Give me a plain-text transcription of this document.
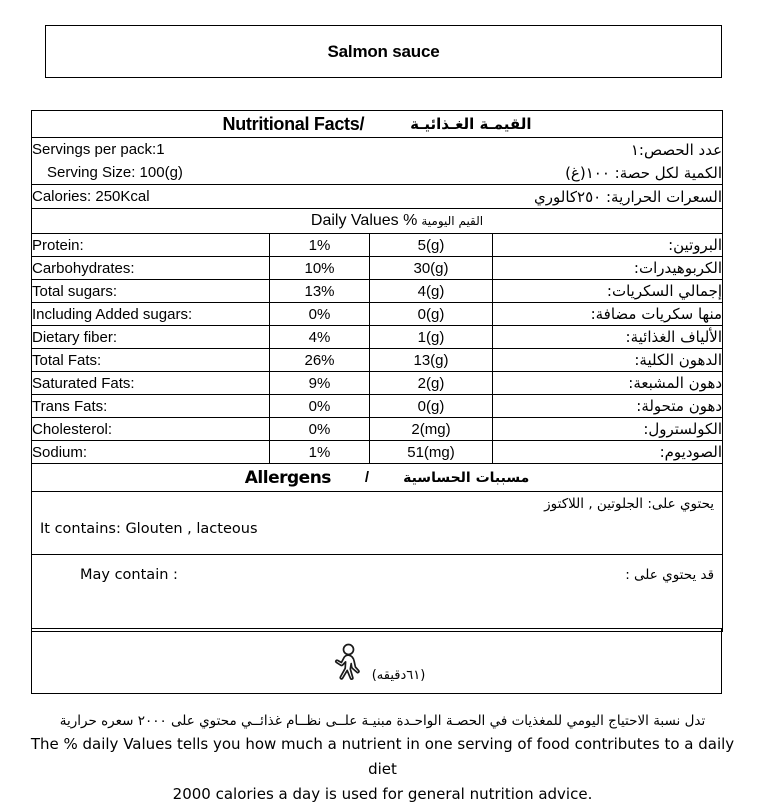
Salmon sauce
Nutritional Facts/ القيمـة الغـذائيـة			

Servings per pack:1		عدد الحصص:١	
Serving Size: 100(g)		الكمية لكل حصة: ١٠٠(غ)	
Calories: 250Kcal		السعرات الحرارية: ٢٥٠كالوري	

Daily Values % القيم اليومية			

Protein:	1%	5(g)	البروتين:
Carbohydrates:	10%	30(g)	الكربوهيدرات:
Total sugars:	13%	4(g)	إجمالي السكريات:
Including Added sugars:	0%	0(g)	منها سكريات مضافة:
Dietary fiber:	4%	1(g)	الألياف الغذائية:
Total Fats:	26%	13(g)	الدهون الكلية:
Saturated Fats:	9%	2(g)	دهون المشبعة:
Trans Fats:	0%	0(g)	دهون متحولة:
Cholesterol:	0%	2(mg)	الكولسترول:
Sodium:	1%	51(mg)	الصوديوم:

Allergens / مسببات الحساسية			

يحتوي على: الجلوتين , اللاكتوز
It contains: Glouten , lacteous			

قد يحتوي على :
May contain :			
(٦١دقيقه)
تدل نسبة الاحتياج اليومي للمغذيات في الحصـة الواحـدة مبنيـة علــى نظــام غذائــي محتوي على ٢٠٠٠ سعره حرارية
The % daily Values tells you how much a nutrient in one serving of food contributes to a daily diet
2000 calories a day is used for general nutrition advice.
